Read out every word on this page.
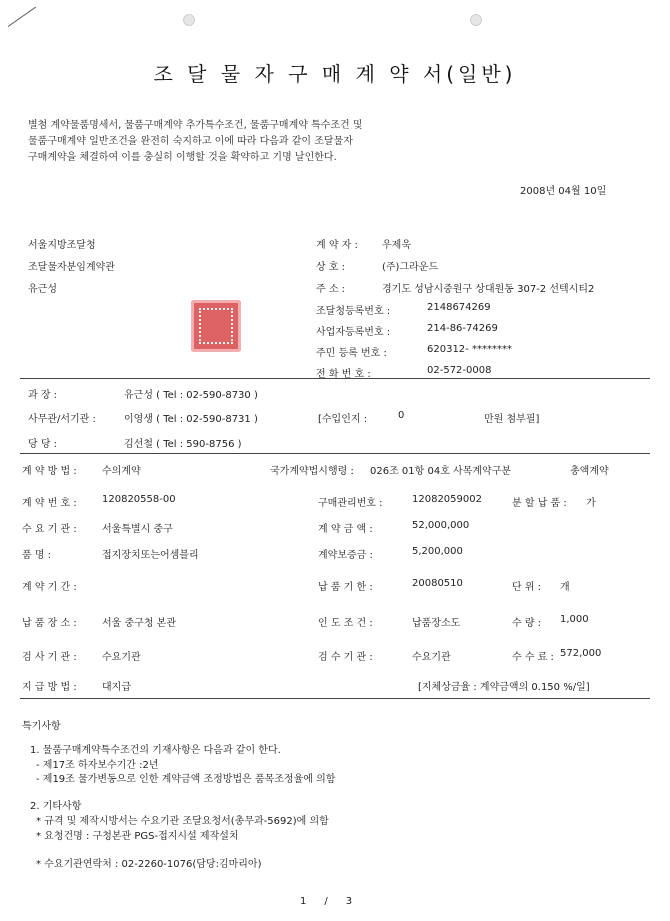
조 달 물 자 구 매 계 약 서(일반)
별첨 계약물품명세서, 물품구매계약 추가특수조건, 물품구매계약 특수조건 및
물품구매계약 일반조건을 완전히 숙지하고 이에 따라 다음과 같이 조달물자
구매계약을 체결하여 이를 충실히 이행할 것을 확약하고 기명 날인한다.
2008년 04월 10일
서울지방조달청
조달물자분임계약관
유근성
계 약 자 : 우제욱
상 호 :	(주)그라운드
주 소 :	경기도 성남시중원구 상대원동 307-2 선텍시티2
조달청등록번호 :	2148674269
사업자등록번호 :	214-86-74269
주민 등록 번호 :	620312- ********
전 화 번 호 :	02-572-0008
과 장 :	유근성 ( Tel : 02-590-8730 )
사무관/서기관 :	이영생 ( Tel : 02-590-8731 )	[수입인지 :	0	만원 첨부필]
당 당 :	김선철 ( Tel : 590-8756 )
계 약 방 법 :	수의계약	국가계약법시행령 : 026조 01항 04호 사목계약구분	총액계약
계 약 번 호 :	120820558-00	구매관리번호 :	12082059002	분 할 납 품 : 가
수 요 기 관 :	서울특별시 중구	계 약 금 액 :	52,000,000
품 명 :	접지장치또는어셈블리	계약보증금 :	5,200,000
계 약 기 간 :	납 품 기 한 :	20080510	단 위 : 개
납 품 장 소 :	서울 중구청 본관	인 도 조 건 :	납품장소도	수 량 : 1,000
검 사 기 관 :	수요기관	검 수 기 관 :	수요기관	수 수 료 : 572,000
지 급 방 법 :	대지급	[지체상금율 : 계약금액의 0.150 %/일]
특기사항
1. 물품구매계약특수조건의 기재사항은 다음과 같이 한다.
- 제17조 하자보수기간 :2년
- 제19조 물가변동으로 인한 계약금액 조정방법은 품목조정율에 의함
2. 기타사항
* 규격 및 제작시방서는 수요기관 조달요청서(총무과-5692)에 의함
* 요청건명 : 구청본관 PGS-접지시설 제작설치
* 수요기관연락처 : 02-2260-1076(담당:김마리아)
1/3
